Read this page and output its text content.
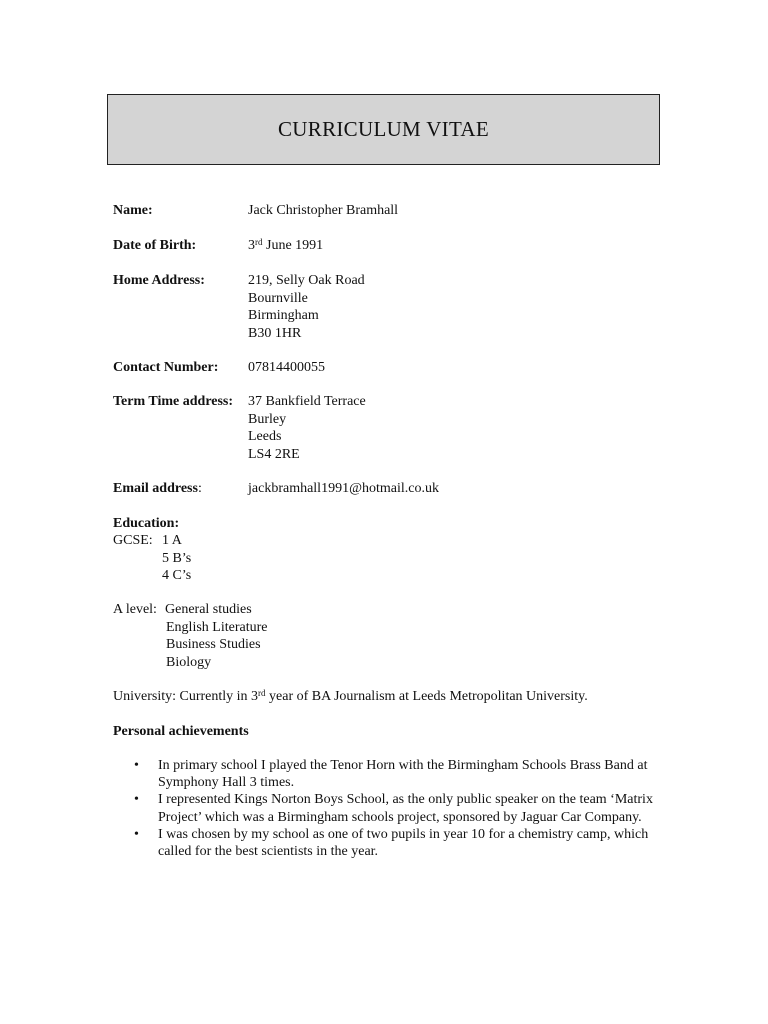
CURRICULUM VITAE
Name:	Jack Christopher Bramhall
Date of Birth:	3rd June 1991
Home Address:	219, Selly Oak Road
Bournville
Birmingham
B30 1HR
Contact Number: 07814400055
Term Time address: 37 Bankfield Terrace
Burley
Leeds
LS4 2RE
Email address:	jackbramhall1991@hotmail.co.uk
Education:
GCSE: 1 A
5 B’s
4 C’s
A level: General studies
English Literature
Business Studies
Biology
University: Currently in 3rd year of BA Journalism at Leeds Metropolitan University.
Personal achievements
• In primary school I played the Tenor Horn with the Birmingham Schools Brass Band at Symphony Hall 3 times.
• I represented Kings Norton Boys School, as the only public speaker on the team ‘Matrix Project’ which was a Birmingham schools project, sponsored by Jaguar Car Company.
• I was chosen by my school as one of two pupils in year 10 for a chemistry camp, which called for the best scientists in the year.
